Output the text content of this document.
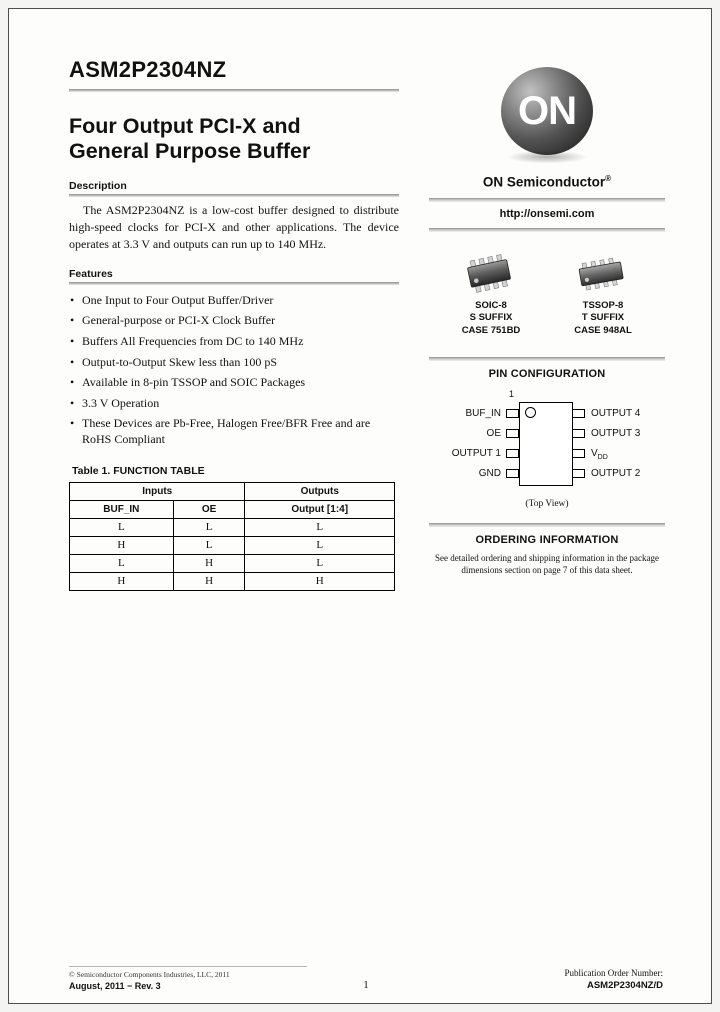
ASM2P2304NZ
Four Output PCI-X and
General Purpose Buffer
Description

The ASM2P2304NZ is a low-cost buffer designed to distribute high-speed clocks for PCI-X and other applications. The device operates at 3.3 V and outputs can run up to 140 MHz.

Features
• One Input to Four Output Buffer/Driver
• General-purpose or PCI-X Clock Buffer
• Buffers All Frequencies from DC to 140 MHz
• Output-to-Output Skew less than 100 pS
• Available in 8-pin TSSOP and SOIC Packages
• 3.3 V Operation
• These Devices are Pb-Free, Halogen Free/BFR Free and are RoHS Compliant
Table 1. FUNCTION TABLE
Inputs		Outputs
BUF_IN	OE	Output [1:4]
L	L	L
H	L	L
L	H	L
H	H	H
ON
ON Semiconductor®
http://onsemi.com
SOIC-8
S SUFFIX
CASE 751BD
TSSOP-8
T SUFFIX
CASE 948AL
PIN CONFIGURATION
1
BUF_IN
OE
OUTPUT 1
GND
OUTPUT 4
OUTPUT 3
$V_{DD}$
OUTPUT 2
(Top View)
ORDERING INFORMATION

See detailed ordering and shipping information in the package dimensions section on page 7 of this data sheet.

© Semiconductor Components Industries, LLC, 2011
August, 2011 − Rev. 3	1
Publication Order Number:
ASM2P2304NZ/D
